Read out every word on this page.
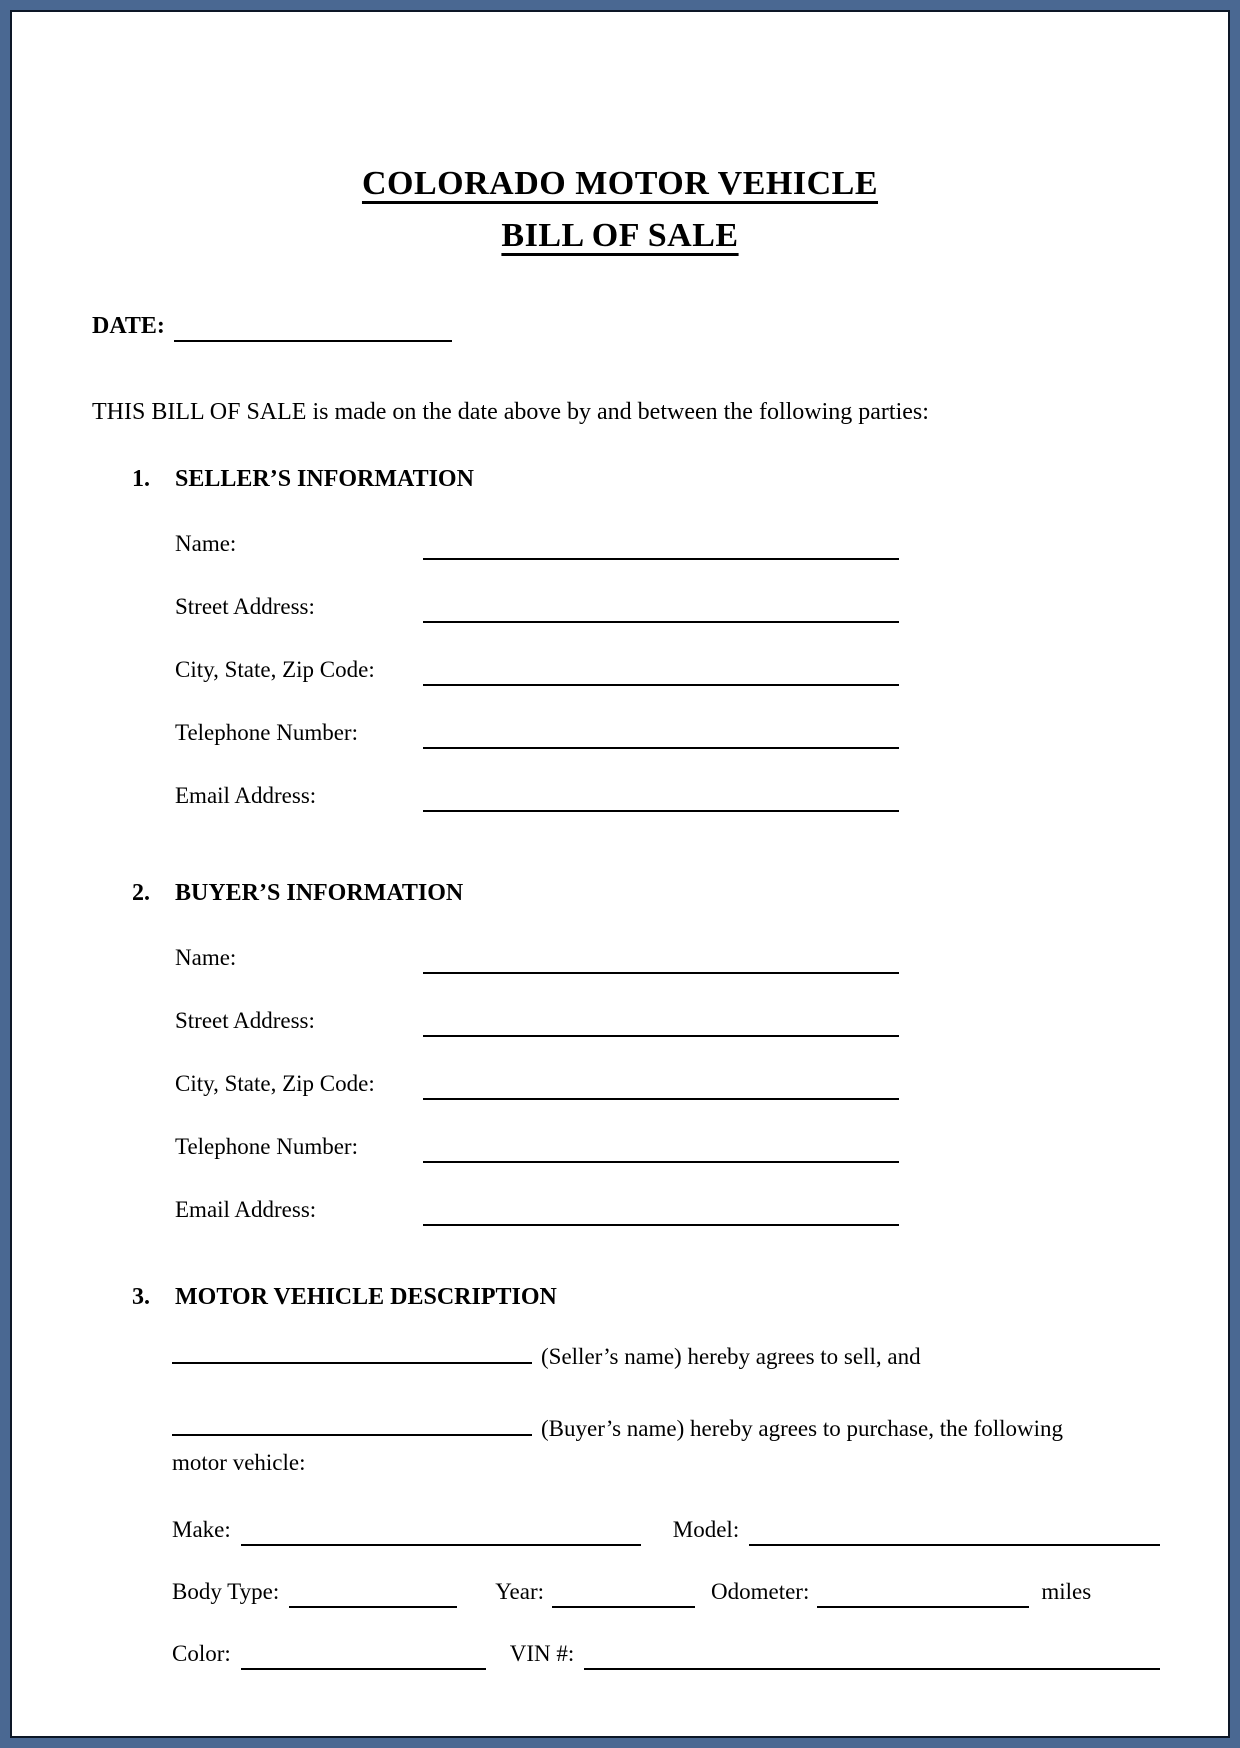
COLORADO MOTOR VEHICLE
BILL OF SALE
DATE:
THIS BILL OF SALE is made on the date above by and between the following parties:
1.	SELLER’S INFORMATION
Name:
Street Address:
City, State, Zip Code:
Telephone Number:
Email Address:
2.	BUYER’S INFORMATION
Name:
Street Address:
City, State, Zip Code:
Telephone Number:
Email Address:
3.	MOTOR VEHICLE DESCRIPTION
(Seller’s name) hereby agrees to sell, and
(Buyer’s name) hereby agrees to purchase, the following motor vehicle:
Make:	Model:
Body Type:	Year:	Odometer:	miles
Color:	VIN #:
